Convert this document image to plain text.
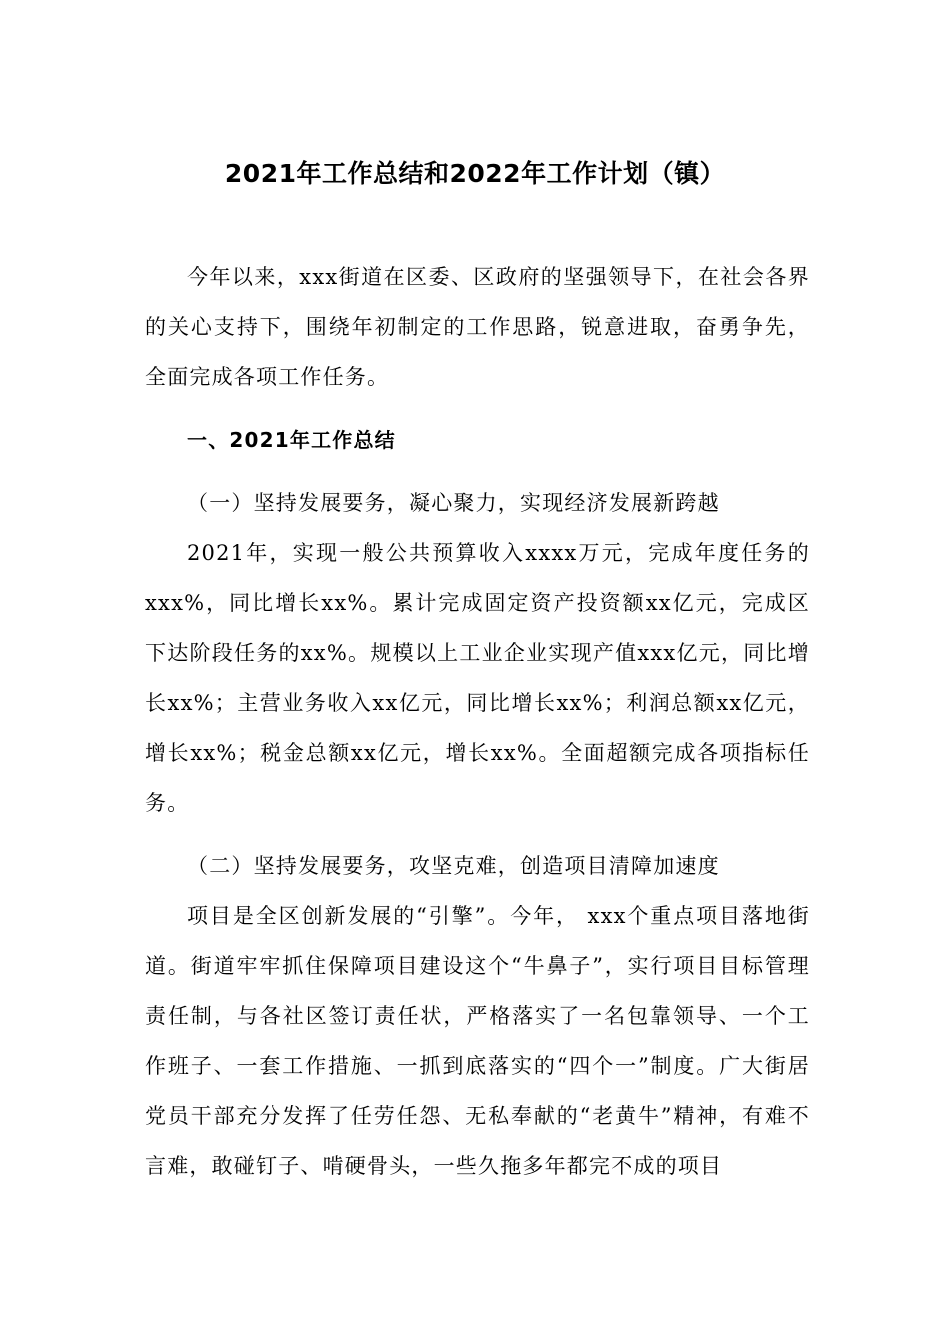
2021年工作总结和2022年工作计划（镇）

今年以来，xxx街道在区委、区政府的坚强领导下，在社会各界的关心支持下，围绕年初制定的工作思路，锐意进取，奋勇争先，全面完成各项工作任务。

一、2021年工作总结

（一）坚持发展要务，凝心聚力，实现经济发展新跨越

2021年，实现一般公共预算收入xxxx万元，完成年度任务的xxx%，同比增长xx%。累计完成固定资产投资额xx亿元，完成区下达阶段任务的xx%。规模以上工业企业实现产值xxx亿元，同比增长xx%；主营业务收入xx亿元，同比增长xx%；利润总额xx亿元，增长xx%；税金总额xx亿元，增长xx%。全面超额完成各项指标任务。

（二）坚持发展要务，攻坚克难，创造项目清障加速度

项目是全区创新发展的“引擎”。今年， xxx个重点项目落地街道。街道牢牢抓住保障项目建设这个“牛鼻子”，实行项目目标管理责任制，与各社区签订责任状，严格落实了一名包靠领导、一个工作班子、一套工作措施、一抓到底落实的“四个一”制度。广大街居党员干部充分发挥了任劳任怨、无私奉献的“老黄牛”精神，有难不言难，敢碰钉子、啃硬骨头，一些久拖多年都完不成的项目
